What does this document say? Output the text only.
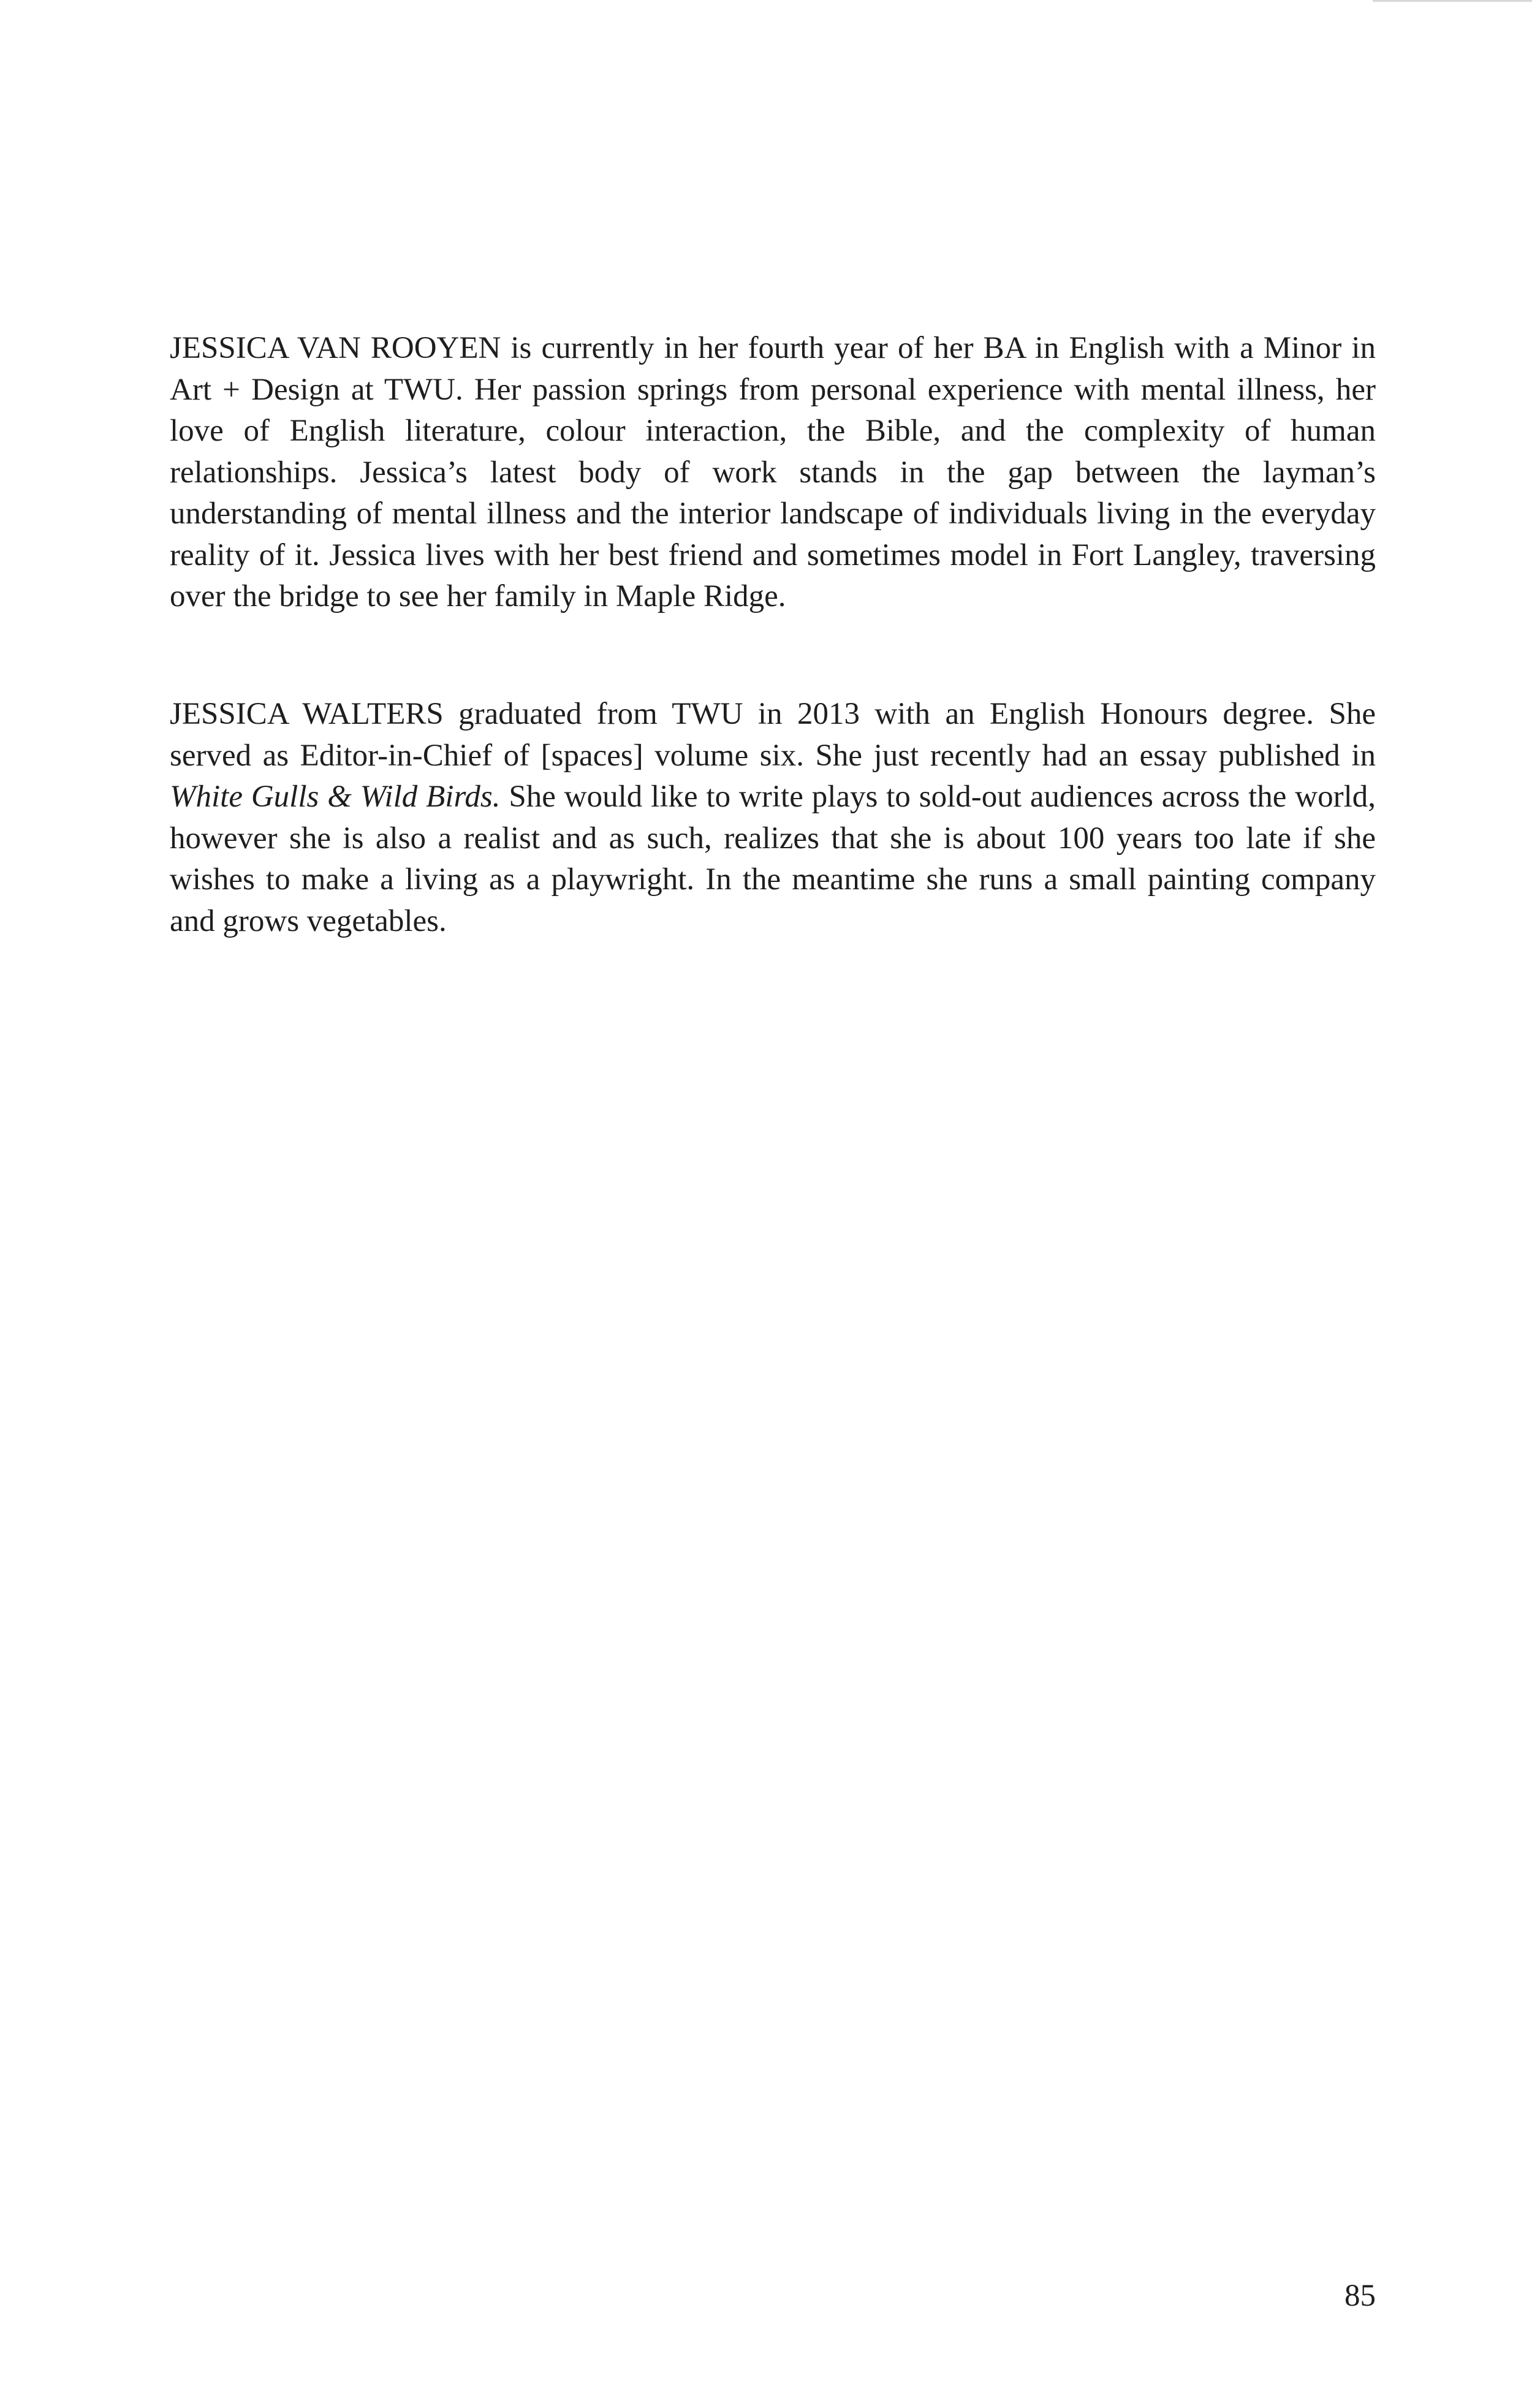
JESSICA VAN ROOYEN is currently in her fourth year of her BA in English with a Minor in Art + Design at TWU. Her passion springs from personal experience with mental illness, her love of English literature, colour interaction, the Bible, and the complexity of human relationships. Jessica’s latest body of work stands in the gap between the layman’s understanding of mental illness and the interior landscape of individuals living in the everyday reality of it. Jessica lives with her best friend and sometimes model in Fort Langley, traversing over the bridge to see her family in Maple Ridge.

JESSICA WALTERS graduated from TWU in 2013 with an English Honours degree. She served as Editor-in-Chief of [spaces] volume six. She just recently had an essay published in White Gulls & Wild Birds. She would like to write plays to sold-out audiences across the world, however she is also a realist and as such, realizes that she is about 100 years too late if she wishes to make a living as a playwright. In the meantime she runs a small painting company and grows vegetables.

85
